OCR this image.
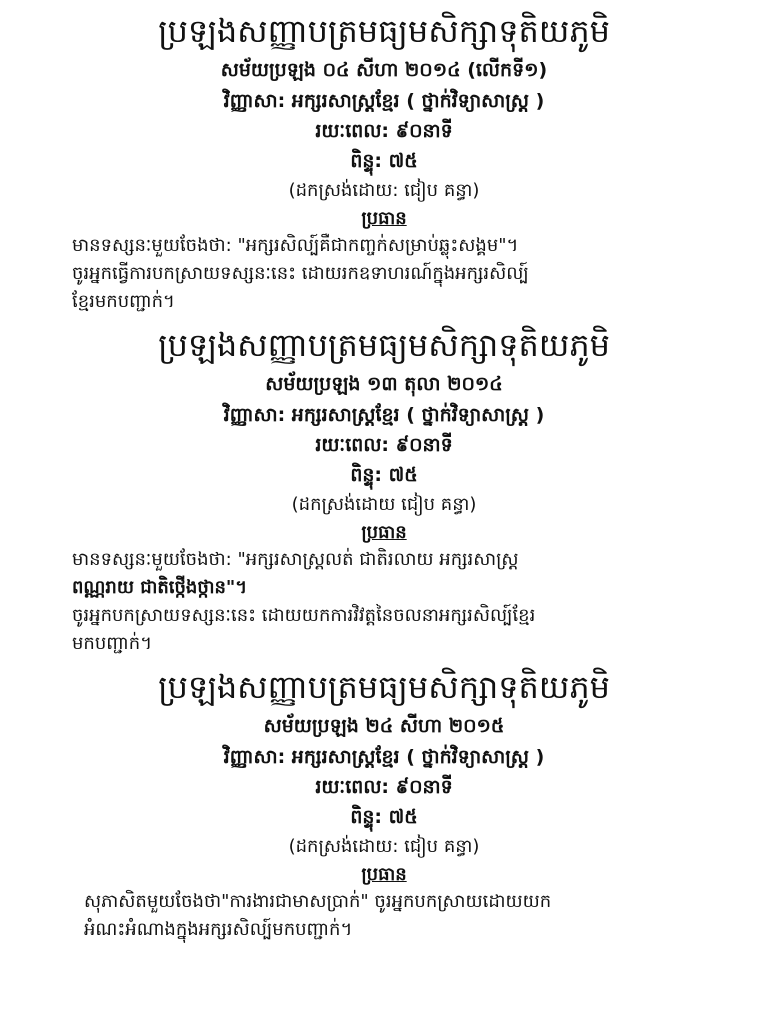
ប្រឡងសញ្ញាបត្រមធ្យមសិក្សាទុតិយភូមិ
សម័យប្រឡង ០៤ សីហា ២០១៤ (លើកទី១)
វិញ្ញាសា: អក្សរសាស្ត្រខ្មែរ ( ថ្នាក់វិទ្យាសាស្ត្រ )
រយៈពេល: ៩០នាទី
ពិន្ទុ: ៧៥
(ដកស្រង់ដោយ: ជៀប គន្ធា)
ប្រធាន

មានទស្សនៈមួយចែងថា: "អក្សរសិល្ប៍គឺជាកញ្ចក់សម្រាប់ឆ្លុះសង្គម"។

ចូរអ្នកធ្វើការបកស្រាយទស្សនៈនេះ ដោយរកឧទាហរណ៍ក្នុងអក្សរសិល្ប៍

ខ្មែរមកបញ្ជាក់។

ប្រឡងសញ្ញាបត្រមធ្យមសិក្សាទុតិយភូមិ
សម័យប្រឡង ១៣ តុលា ២០១៤
វិញ្ញាសា: អក្សរសាស្ត្រខ្មែរ ( ថ្នាក់វិទ្យាសាស្ត្រ )
រយៈពេល: ៩០នាទី
ពិន្ទុ: ៧៥
(ដកស្រង់ដោយ ជៀប គន្ធា)
ប្រធាន

មានទស្សនៈមួយចែងថា: "អក្សរសាស្ត្រលត់ ជាតិរលាយ អក្សរសាស្ត្រ

ពណ្ណរាយ ជាតិថ្កើងថ្កាន"។

ចូរអ្នកបកស្រាយទស្សនៈនេះ ដោយយកការវិវត្តនៃចលនាអក្សរសិល្ប៍ខ្មែរ

មកបញ្ជាក់។

ប្រឡងសញ្ញាបត្រមធ្យមសិក្សាទុតិយភូមិ
សម័យប្រឡង ២៤ សីហា ២០១៥
វិញ្ញាសា: អក្សរសាស្ត្រខ្មែរ ( ថ្នាក់វិទ្យាសាស្ត្រ )
រយៈពេល: ៩០នាទី
ពិន្ទុ: ៧៥
(ដកស្រង់ដោយ: ជៀប គន្ធា)
ប្រធាន

សុភាសិតមួយចែងថា"ការងារជាមាសប្រាក់" ចូរអ្នកបកស្រាយដោយយក

អំណះអំណាងក្នុងអក្សរសិល្ប៍មកបញ្ជាក់។
